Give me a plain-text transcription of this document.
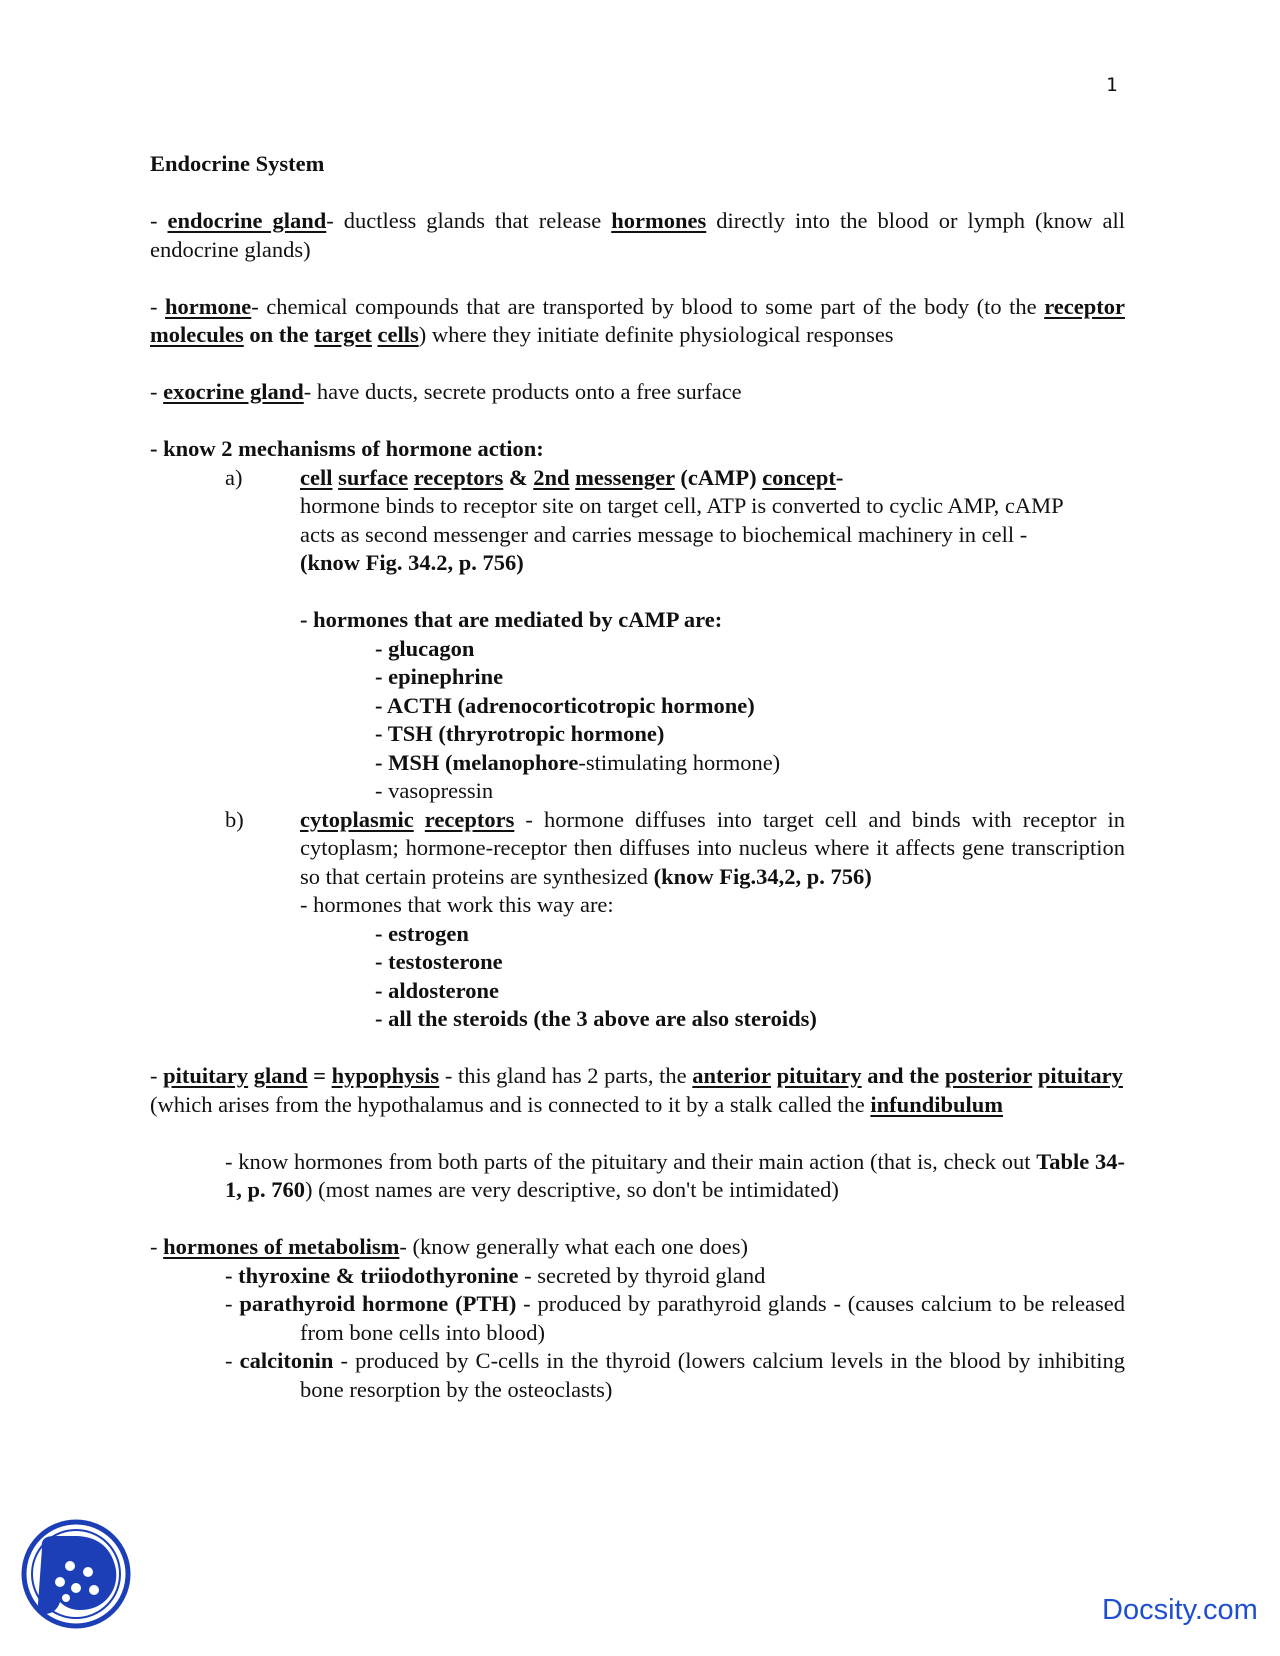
1

Endocrine System

- endocrine gland- ductless glands that release hormones directly into the blood or lymph (know all endocrine glands)

- hormone- chemical compounds that are transported by blood to some part of the body (to the receptor molecules on the target cells) where they initiate definite physiological responses

- exocrine gland- have ducts, secrete products onto a free surface

- know 2 mechanisms of hormone action:

a)	cell surface receptors & 2nd messenger (cAMP) concept-

hormone binds to receptor site on target cell, ATP is converted to cyclic AMP, cAMP acts as second messenger and carries message to biochemical machinery in cell - (know Fig. 34.2, p. 756)

- hormones that are mediated by cAMP are:

- glucagon
- epinephrine
- ACTH (adrenocorticotropic hormone)
- TSH (thryrotropic hormone)
- MSH (melanophore-stimulating hormone)
- vasopressin
b)	cytoplasmic receptors - hormone diffuses into target cell and binds with receptor in cytoplasm; hormone-receptor then diffuses into nucleus where it affects gene transcription so that certain proteins are synthesized (know Fig.34,2, p. 756)

- hormones that work this way are:

- estrogen
- testosterone
- aldosterone
- all the steroids (the 3 above are also steroids)

- pituitary gland = hypophysis - this gland has 2 parts, the anterior pituitary and the posterior pituitary (which arises from the hypothalamus and is connected to it by a stalk called the infundibulum

- know hormones from both parts of the pituitary and their main action (that is, check out Table 34-1, p. 760) (most names are very descriptive, so don't be intimidated)

- hormones of metabolism- (know generally what each one does)

- thyroxine & triiodothyronine - secreted by thyroid gland

- parathyroid hormone (PTH) - produced by parathyroid glands - (causes calcium to be released from bone cells into blood)

- calcitonin - produced by C-cells in the thyroid (lowers calcium levels in the blood by inhibiting bone resorption by the osteoclasts)

Docsity.com
